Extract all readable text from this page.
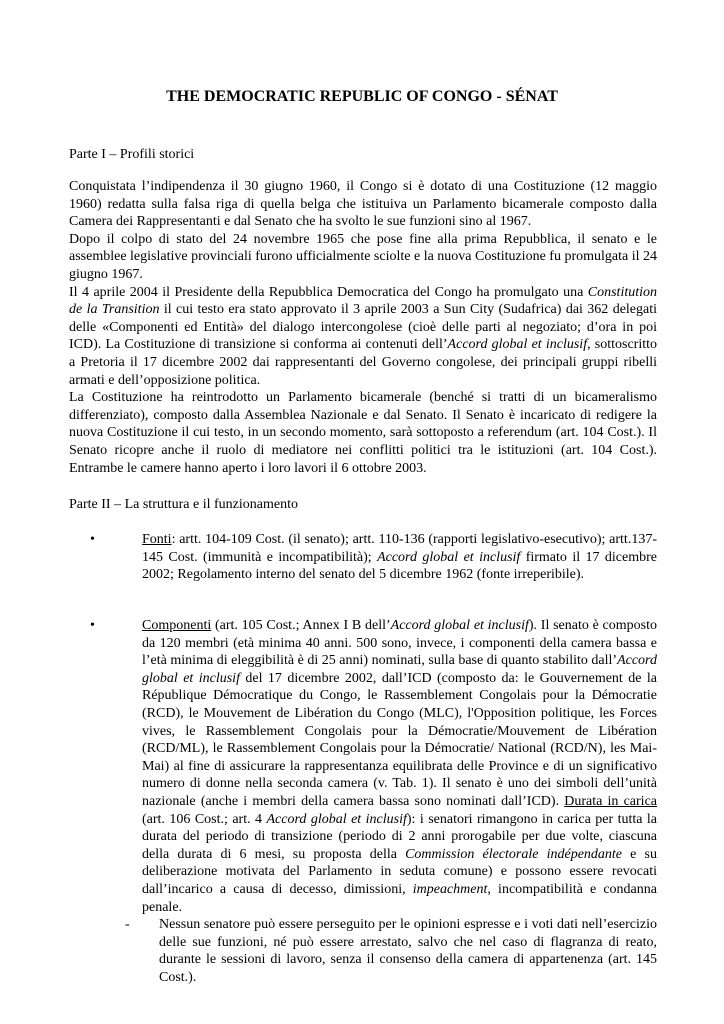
THE DEMOCRATIC REPUBLIC OF CONGO - SÉNAT

Parte I – Profili storici

Conquistata l’indipendenza il 30 giugno 1960, il Congo si è dotato di una Costituzione (12 maggio 1960) redatta sulla falsa riga di quella belga che istituiva un Parlamento bicamerale composto dalla Camera dei Rappresentanti e dal Senato che ha svolto le sue funzioni sino al 1967.

Dopo il colpo di stato del 24 novembre 1965 che pose fine alla prima Repubblica, il senato e le assemblee legislative provinciali furono ufficialmente sciolte e la nuova Costituzione fu promulgata il 24 giugno 1967.

Il 4 aprile 2004 il Presidente della Repubblica Democratica del Congo ha promulgato una Constitution de la Transition il cui testo era stato approvato il 3 aprile 2003 a Sun City (Sudafrica) dai 362 delegati delle «Componenti ed Entità» del dialogo intercongolese (cioè delle parti al negoziato; d’ora in poi ICD). La Costituzione di transizione si conforma ai contenuti dell’Accord global et inclusif, sottoscritto a Pretoria il 17 dicembre 2002 dai rappresentanti del Governo congolese, dei principali gruppi ribelli armati e dell’opposizione politica.

La Costituzione ha reintrodotto un Parlamento bicamerale (benché si tratti di un bicameralismo differenziato), composto dalla Assemblea Nazionale e dal Senato. Il Senato è incaricato di redigere la nuova Costituzione il cui testo, in un secondo momento, sarà sottoposto a referendum (art. 104 Cost.). Il Senato ricopre anche il ruolo di mediatore nei conflitti politici tra le istituzioni (art. 104 Cost.). Entrambe le camere hanno aperto i loro lavori il 6 ottobre 2003.

Parte II – La struttura e il funzionamento

•	Fonti: artt. 104-109 Cost. (il senato); artt. 110-136 (rapporti legislativo-esecutivo); artt.137-145 Cost. (immunità e incompatibilità); Accord global et inclusif firmato il 17 dicembre 2002; Regolamento interno del senato del 5 dicembre 1962 (fonte irreperibile).
•	Componenti (art. 105 Cost.; Annex I B dell’Accord global et inclusif). Il senato è composto da 120 membri (età minima 40 anni. 500 sono, invece, i componenti della camera bassa e l’età minima di eleggibilità è di 25 anni) nominati, sulla base di quanto stabilito dall’Accord global et inclusif del 17 dicembre 2002, dall’ICD (composto da: le Gouvernement de la République Démocratique du Congo, le Rassemblement Congolais pour la Démocratie (RCD), le Mouvement de Libération du Congo (MLC), l'Opposition politique, les Forces vives, le Rassemblement Congolais pour la Démocratie/Mouvement de Libération (RCD/ML), le Rassemblement Congolais pour la Démocratie/ National (RCD/N), les Mai-Mai) al fine di assicurare la rappresentanza equilibrata delle Province e di un significativo numero di donne nella seconda camera (v. Tab. 1). Il senato è uno dei simboli dell’unità nazionale (anche i membri della camera bassa sono nominati dall’ICD). Durata in carica (art. 106 Cost.; art. 4 Accord global et inclusif): i senatori rimangono in carica per tutta la durata del periodo di transizione (periodo di 2 anni prorogabile per due volte, ciascuna della durata di 6 mesi, su proposta della Commission électorale indépendante e su deliberazione motivata del Parlamento in seduta comune) e possono essere revocati dall’incarico a causa di decesso, dimissioni, impeachment, incompatibilità e condanna penale.
- Nessun senatore può essere perseguito per le opinioni espresse e i voti dati nell’esercizio delle sue funzioni, né può essere arrestato, salvo che nel caso di flagranza di reato, durante le sessioni di lavoro, senza il consenso della camera di appartenenza (art. 145 Cost.).
